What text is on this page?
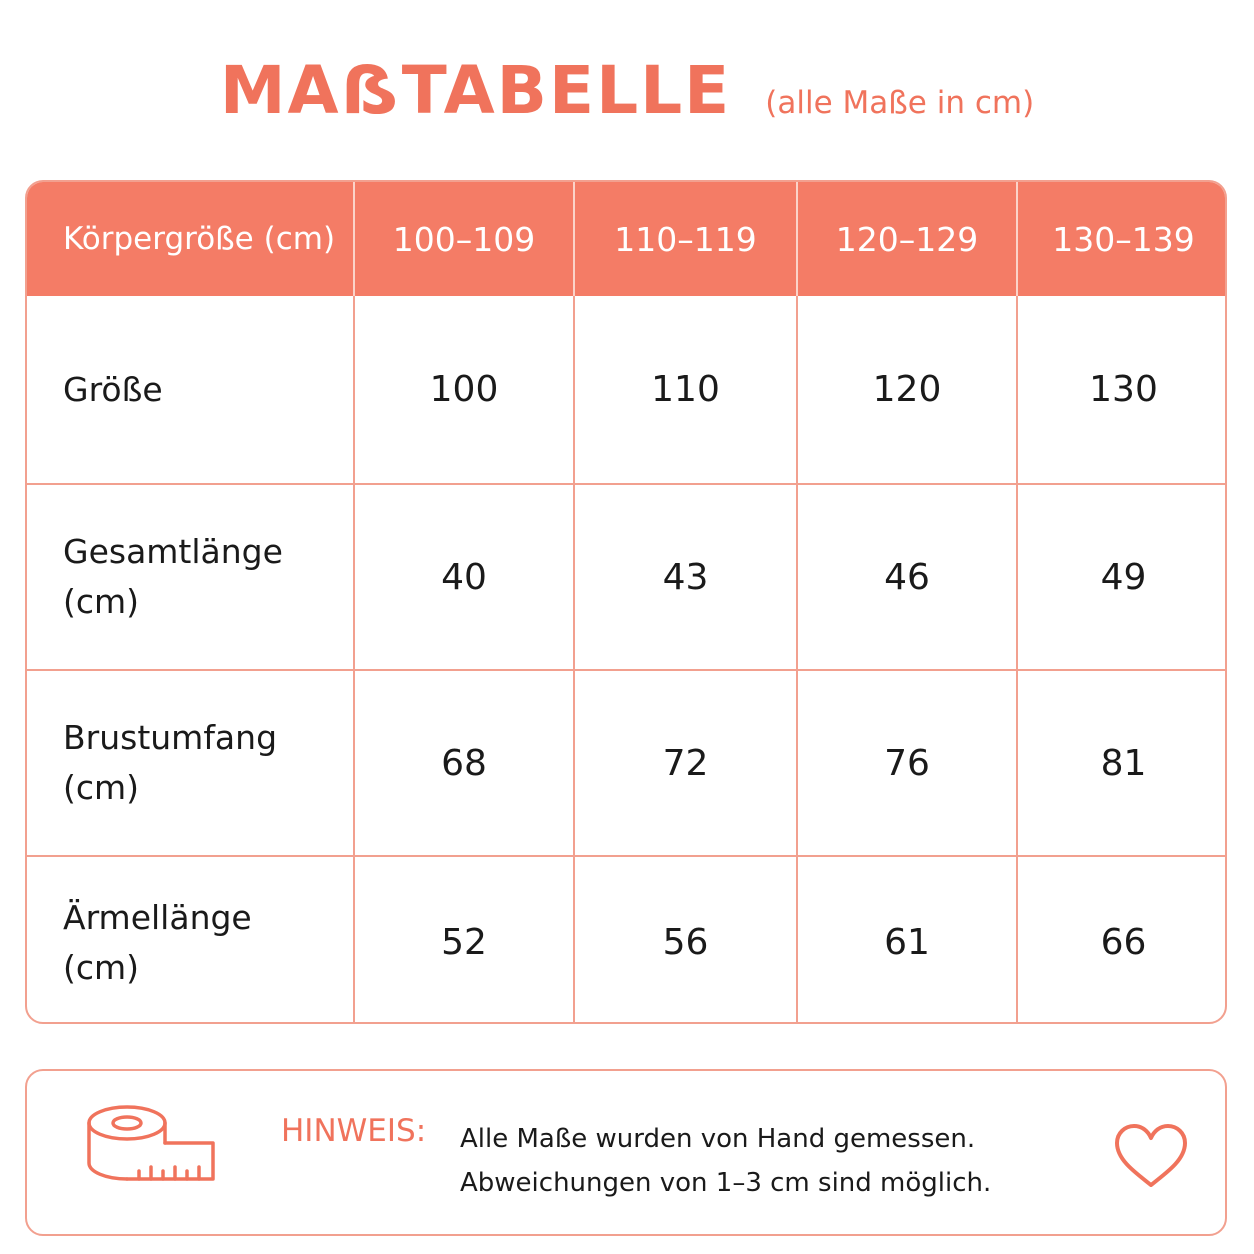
MAẞTABELLE (alle Maße in cm)
Körpergröße (cm)	100–109	110–119	120–129	130–139
Größe	100	110	120	130
Gesamtlänge
(cm)	40	43	46	49
Brustumfang
(cm)	68	72	76	81
Ärmellänge
(cm)	52	56	61	66
HINWEIS: Alle Maße wurden von Hand gemessen.
Abweichungen von 1–3 cm sind möglich.
